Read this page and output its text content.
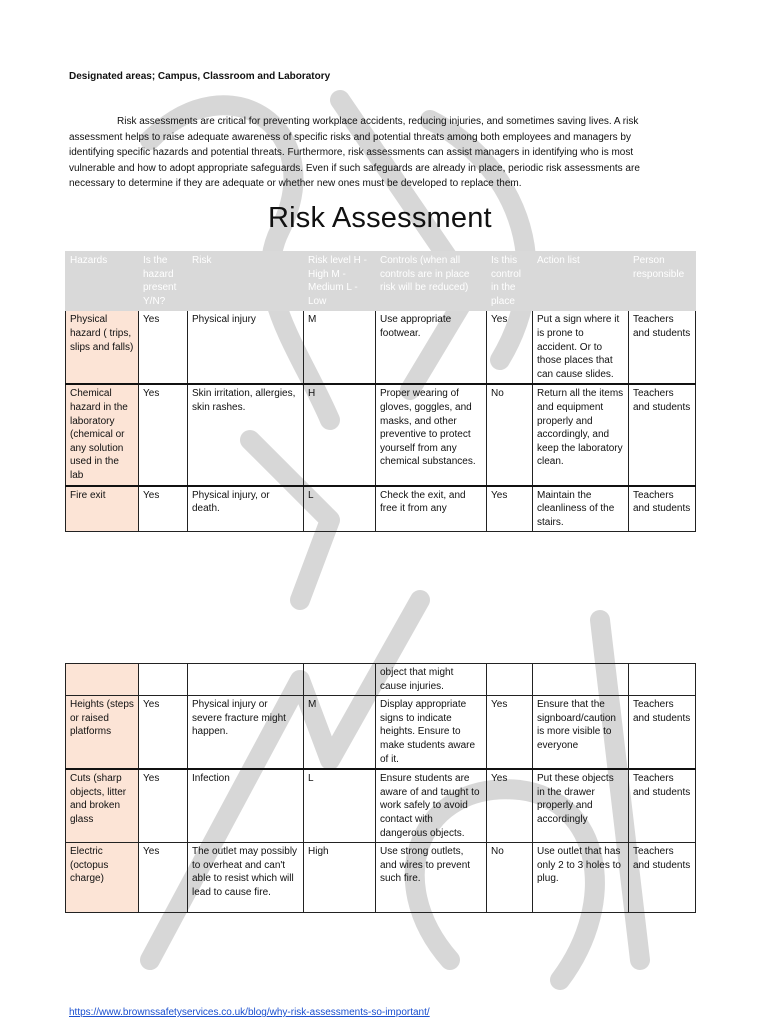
Designated areas; Campus, Classroom and Laboratory

Risk assessments are critical for preventing workplace accidents, reducing injuries, and sometimes saving lives. A risk assessment helps to raise adequate awareness of specific risks and potential threats among both employees and managers by identifying specific hazards and potential threats. Furthermore, risk assessments can assist managers in identifying who is most vulnerable and how to adopt appropriate safeguards. Even if such safeguards are already in place, periodic risk assessments are necessary to determine if they are adequate or whether new ones must be developed to replace them.

Risk Assessment
Hazards	Is the hazard present Y/N?	Risk	Risk level H - High M - Medium L - Low	Controls (when all controls are in place risk will be reduced)	Is this control in the place	Action list	Person responsible
Physical hazard ( trips, slips and falls)	Yes	Physical injury	M	Use appropriate footwear.	Yes	Put a sign where it is prone to accident. Or to those places that can cause slides.	Teachers and students
Chemical hazard in the laboratory (chemical or any solution used in the lab	Yes	Skin irritation, allergies, skin rashes.	H	Proper wearing of gloves, goggles, and masks, and other preventive to protect yourself from any chemical substances.	No	Return all the items and equipment properly and accordingly, and keep the laboratory clean.	Teachers and students
Fire exit	Yes	Physical injury, or death.	L	Check the exit, and free it from any	Yes	Maintain the cleanliness of the stairs.	Teachers and students
				object that might cause injuries.			
Heights (steps or raised platforms	Yes	Physical injury or severe fracture might happen.	M	Display appropriate signs to indicate heights. Ensure to make students aware of it.	Yes	Ensure that the signboard/caution is more visible to everyone	Teachers and students
Cuts (sharp objects, litter and broken glass	Yes	Infection	L	Ensure students are aware of and taught to work safely to avoid contact with dangerous objects.	Yes	Put these objects in the drawer properly and accordingly	Teachers and students
Electric (octopus charge)	Yes	The outlet may possibly to overheat and can't able to resist which will lead to cause fire.	High	Use strong outlets, and wires to prevent such fire.	No	Use outlet that has only 2 to 3 holes to plug.	Teachers and students
https://www.brownssafetyservices.co.uk/blog/why-risk-assessments-so-important/
